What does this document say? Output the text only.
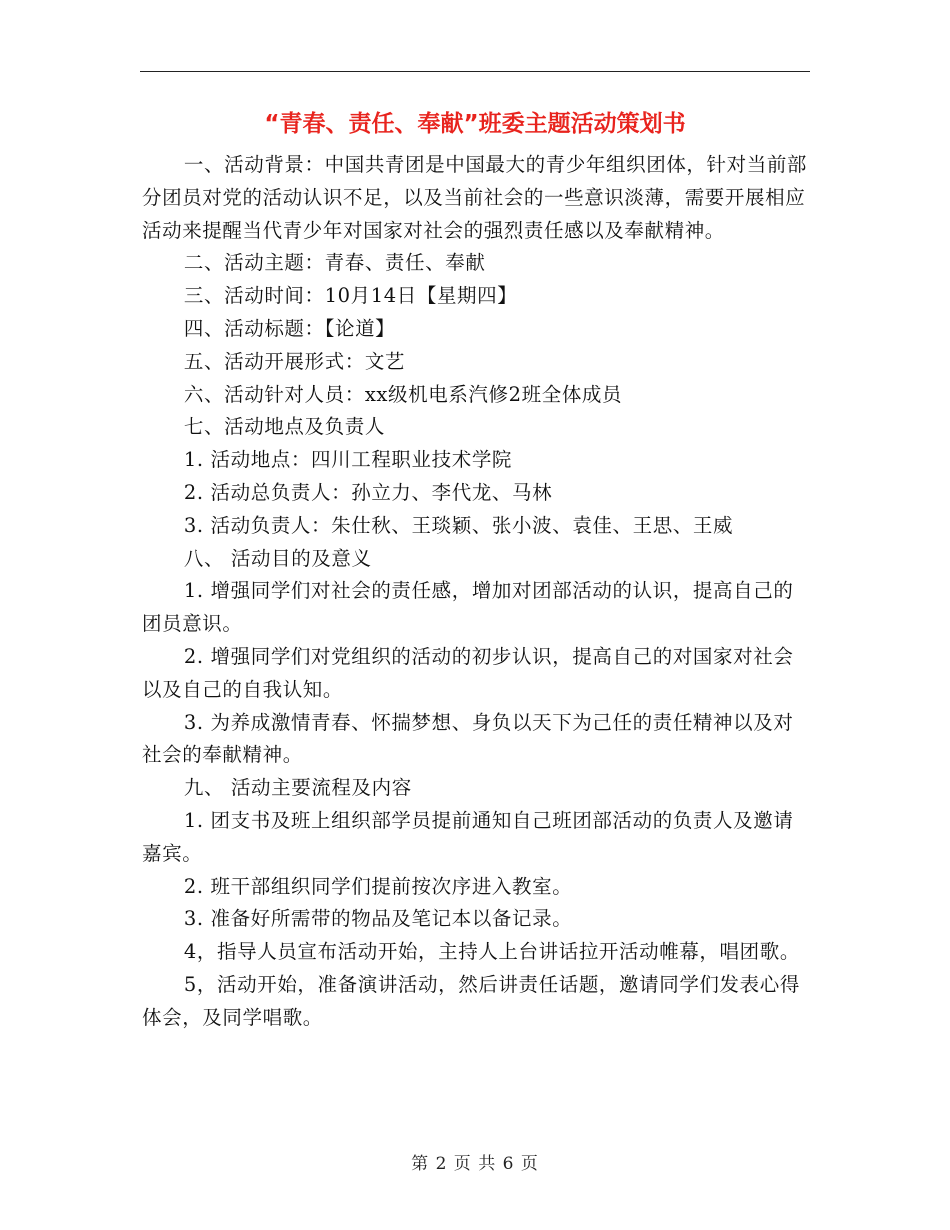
“青春、责任、奉献”班委主题活动策划书

一、活动背景：中国共青团是中国最大的青少年组织团体，针对当前部分团员对党的活动认识不足，以及当前社会的一些意识淡薄，需要开展相应活动来提醒当代青少年对国家对社会的强烈责任感以及奉献精神。

二、活动主题：青春、责任、奉献

三、活动时间：10月14日【星期四】

四、活动标题：【论道】

五、活动开展形式：文艺

六、活动针对人员：xx级机电系汽修2班全体成员

七、活动地点及负责人

1. 活动地点：四川工程职业技术学院

2. 活动总负责人：孙立力、李代龙、马林

3. 活动负责人：朱仕秋、王琰颖、张小波、袁佳、王思、王威

八、 活动目的及意义

1. 增强同学们对社会的责任感，增加对团部活动的认识，提高自己的团员意识。

2. 增强同学们对党组织的活动的初步认识，提高自己的对国家对社会以及自己的自我认知。

3. 为养成激情青春、怀揣梦想、身负以天下为己任的责任精神以及对社会的奉献精神。

九、 活动主要流程及内容

1. 团支书及班上组织部学员提前通知自己班团部活动的负责人及邀请嘉宾。

2. 班干部组织同学们提前按次序进入教室。

3. 准备好所需带的物品及笔记本以备记录。

4，指导人员宣布活动开始，主持人上台讲话拉开活动帷幕，唱团歌。

5，活动开始，准备演讲活动，然后讲责任话题，邀请同学们发表心得体会，及同学唱歌。

第 2 页 共 6 页
